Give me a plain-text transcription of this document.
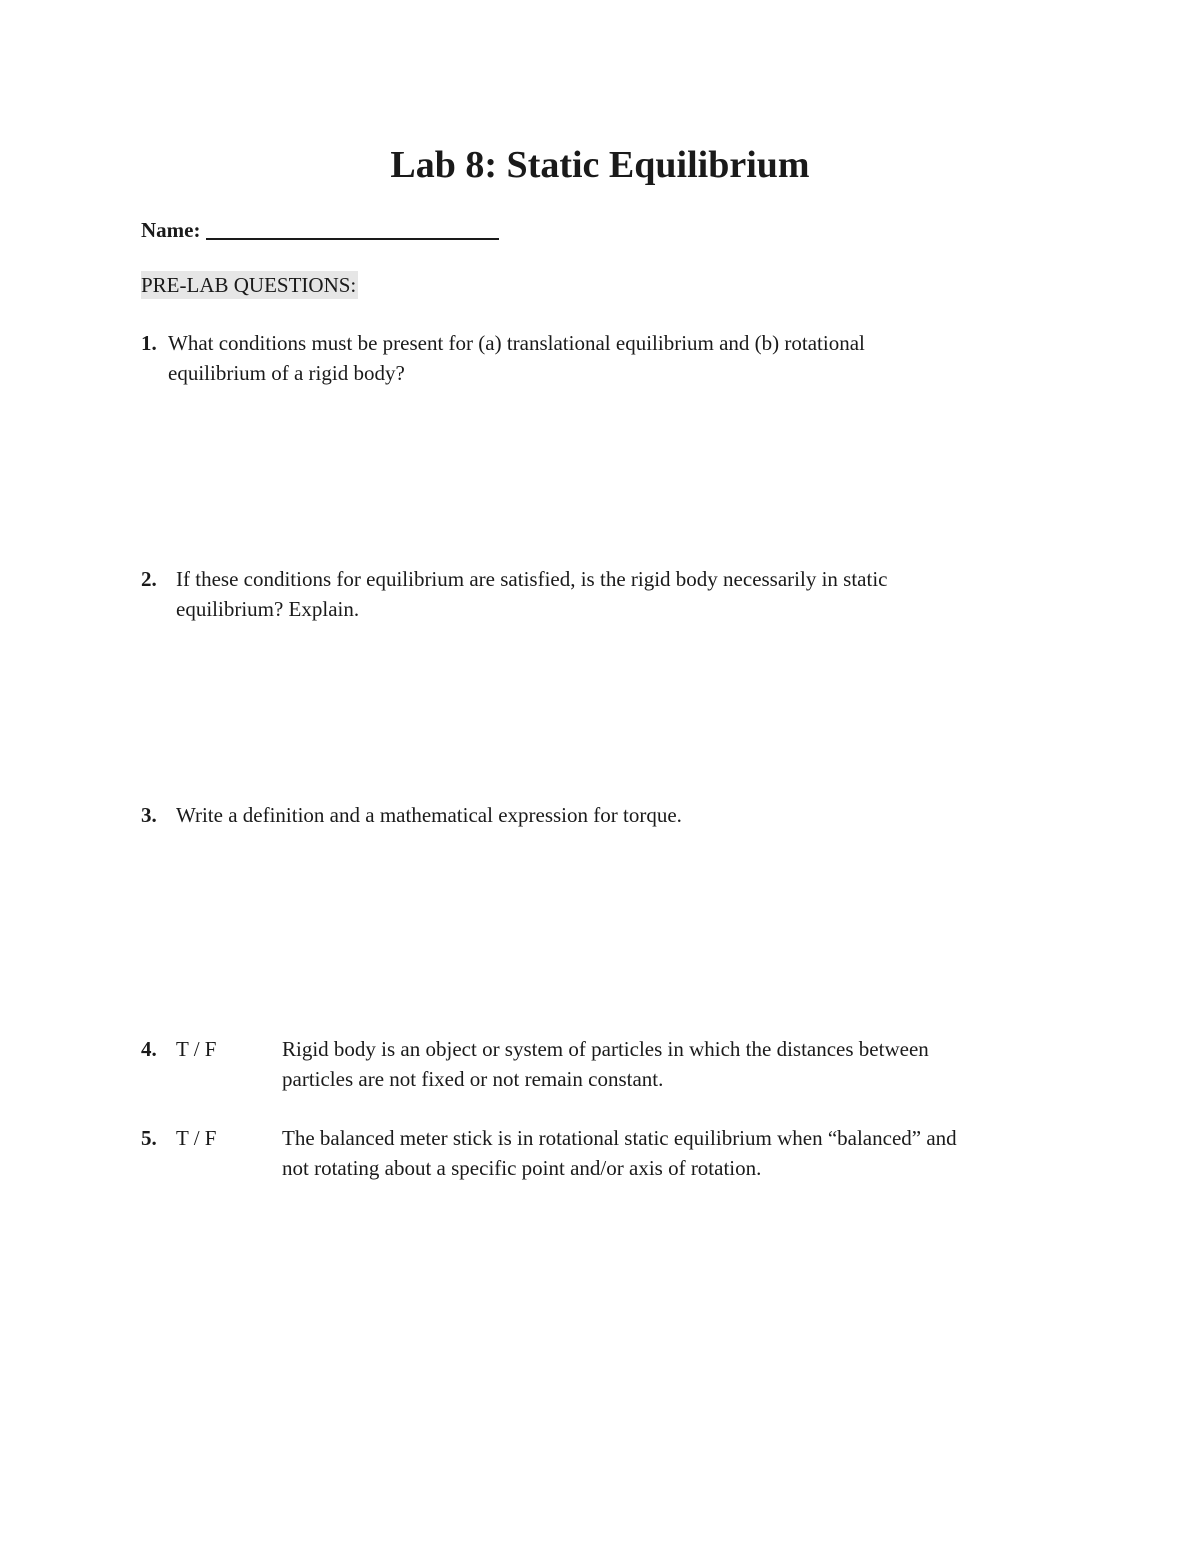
Lab 8: Static Equilibrium
Name:
PRE-LAB QUESTIONS:
1. What conditions must be present for (a) translational equilibrium and (b) rotational
equilibrium of a rigid body?
2. If these conditions for equilibrium are satisfied, is the rigid body necessarily in static
equilibrium? Explain.
3. Write a definition and a mathematical expression for torque.
4. T / F	Rigid body is an object or system of particles in which the distances between
particles are not fixed or not remain constant.
5. T / F	The balanced meter stick is in rotational static equilibrium when “balanced” and
not rotating about a specific point and/or axis of rotation.
